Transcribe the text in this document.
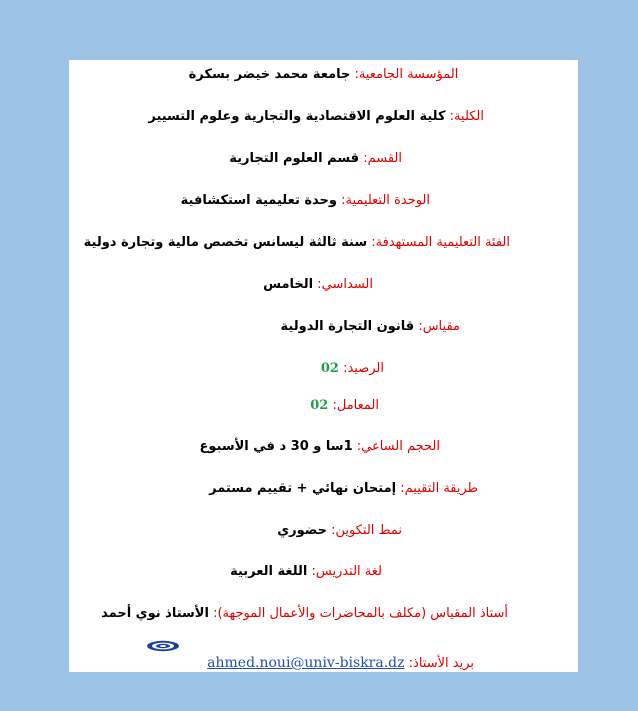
المؤسسة الجامعية: جامعة محمد خيضر بسكرة
الكلية: كلية العلوم الاقتصادية والتجارية وعلوم التسيير
القسم: قسم العلوم التجارية
الوحدة التعليمية: وحدة تعليمية استكشافية
الفئة التعليمية المستهدفة: سنة ثالثة ليسانس تخصص مالية وتجارة دولية
السداسي: الخامس
مقياس: قانون التجارة الدولية
الرصيد: 02
المعامل: 02
الحجم الساعي: 1سا و 30 د في الأسبوع
طريقة التقييم: إمتحان نهائي + تقييم مستمر
نمط التكوين: حضوري
لغة التدريس: اللغة العربية
أستاذ المقياس (مكلف بالمحاضرات والأعمال الموجهة): الأستاذ نوي أحمد
بريد الأستاذ: ahmed.noui@univ-biskra.dz
